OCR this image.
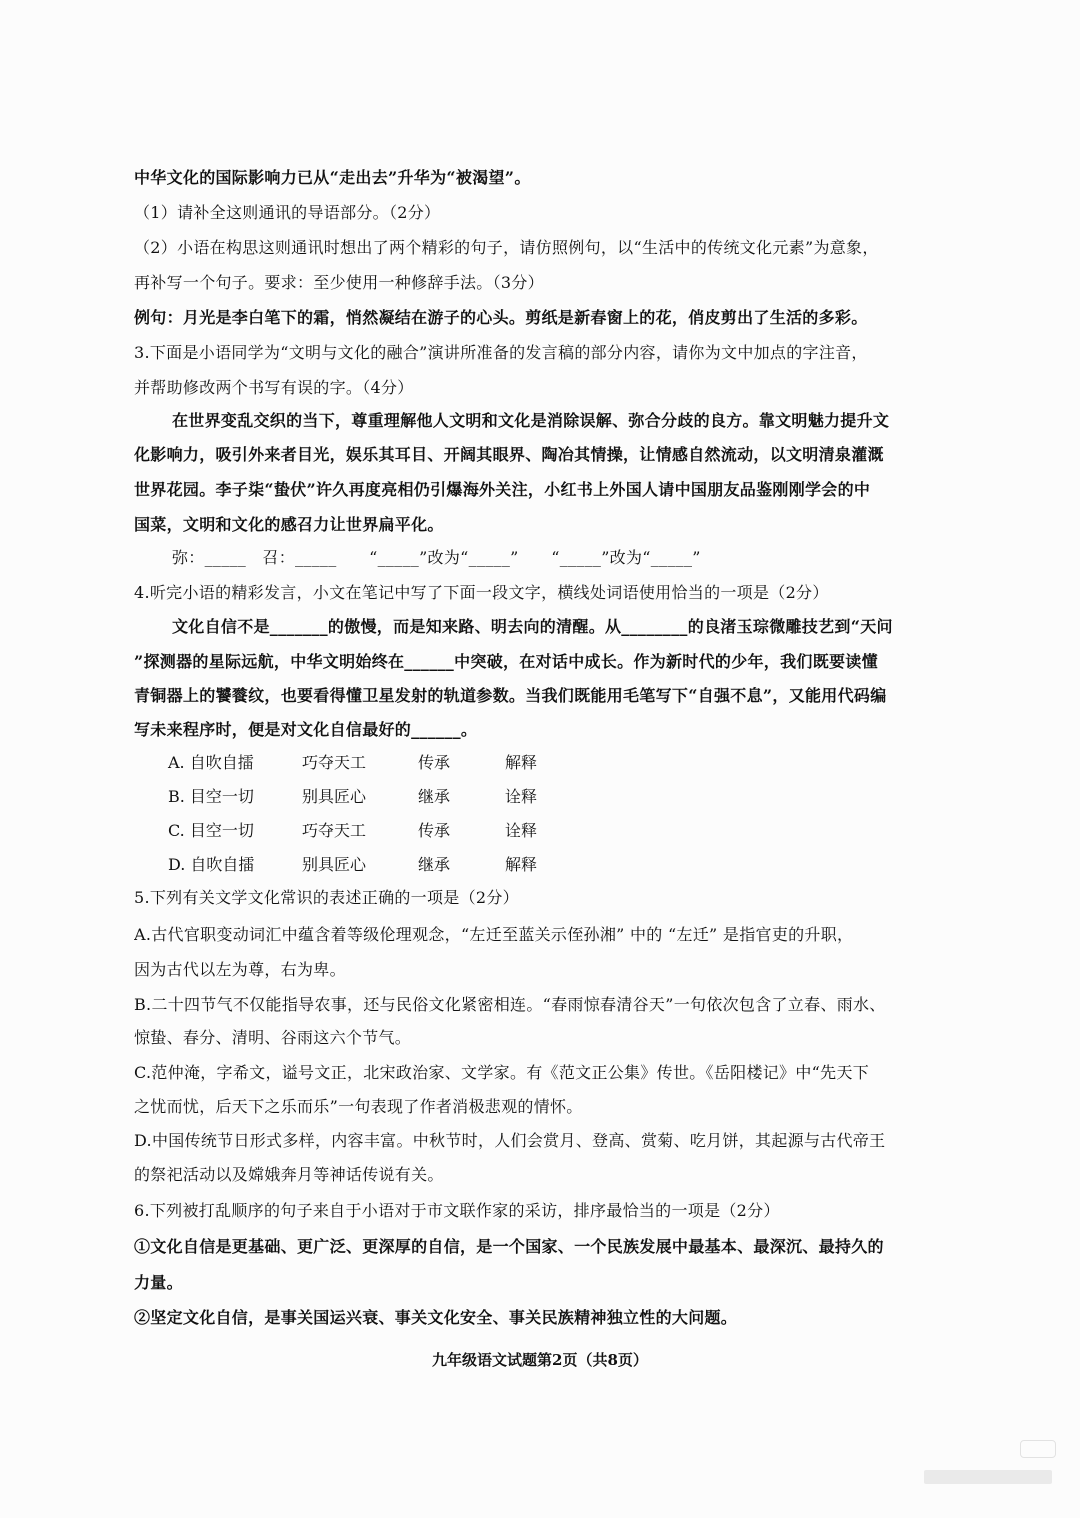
中华文化的国际影响力已从“走出去”升华为“被渴望”。
（1）请补全这则通讯的导语部分。（2分）
（2）小语在构思这则通讯时想出了两个精彩的句子，请仿照例句，以“生活中的传统文化元素”为意象，
再补写一个句子。要求：至少使用一种修辞手法。（3分）
例句：月光是李白笔下的霜，悄然凝结在游子的心头。剪纸是新春窗上的花，俏皮剪出了生活的多彩。
3.下面是小语同学为“文明与文化的融合”演讲所准备的发言稿的部分内容，请你为文中加点的字注音，
并帮助修改两个书写有误的字。（4分）
在世界变乱交织的当下，尊重理解他人文明和文化是消除误解、弥合分歧的良方。靠文明魅力提升文
化影响力，吸引外来者目光，娱乐其耳目、开阔其眼界、陶冶其情操，让情感自然流动，以文明清泉灌溉
世界花园。李子柒“蛰伏”许久再度亮相仍引爆海外关注，小红书上外国人请中国朋友品鉴刚刚学会的中
国菜，文明和文化的感召力让世界扁平化。
弥：_____　召：_____　　“_____”改为“_____”　　“_____”改为“_____”
4.听完小语的精彩发言，小文在笔记中写了下面一段文字，横线处词语使用恰当的一项是（2分）
文化自信不是_______的傲慢，而是知来路、明去向的清醒。从________的良渚玉琮微雕技艺到“天问
”探测器的星际远航，中华文明始终在______中突破，在对话中成长。作为新时代的少年，我们既要读懂
青铜器上的饕餮纹，也要看得懂卫星发射的轨道参数。当我们既能用毛笔写下“自强不息”，又能用代码编
写未来程序时，便是对文化自信最好的______。
A. 自吹自擂	巧夺天工	传承	解释
B. 目空一切	别具匠心	继承	诠释
C. 目空一切	巧夺天工	传承	诠释
D. 自吹自擂	别具匠心	继承	解释
5.下列有关文学文化常识的表述正确的一项是（2分）
A.古代官职变动词汇中蕴含着等级伦理观念，“左迁至蓝关示侄孙湘” 中的 “左迁” 是指官吏的升职，
因为古代以左为尊，右为卑。
B.二十四节气不仅能指导农事，还与民俗文化紧密相连。“春雨惊春清谷天”一句依次包含了立春、雨水、
惊蛰、春分、清明、谷雨这六个节气。
C.范仲淹，字希文，谥号文正，北宋政治家、文学家。有《范文正公集》传世。《岳阳楼记》中“先天下
之忧而忧，后天下之乐而乐”一句表现了作者消极悲观的情怀。
D.中国传统节日形式多样，内容丰富。中秋节时，人们会赏月、登高、赏菊、吃月饼，其起源与古代帝王
的祭祀活动以及嫦娥奔月等神话传说有关。
6.下列被打乱顺序的句子来自于小语对于市文联作家的采访，排序最恰当的一项是（2分）
①文化自信是更基础、更广泛、更深厚的自信，是一个国家、一个民族发展中最基本、最深沉、最持久的
力量。
②坚定文化自信，是事关国运兴衰、事关文化安全、事关民族精神独立性的大问题。
九年级语文试题第2页（共8页）
